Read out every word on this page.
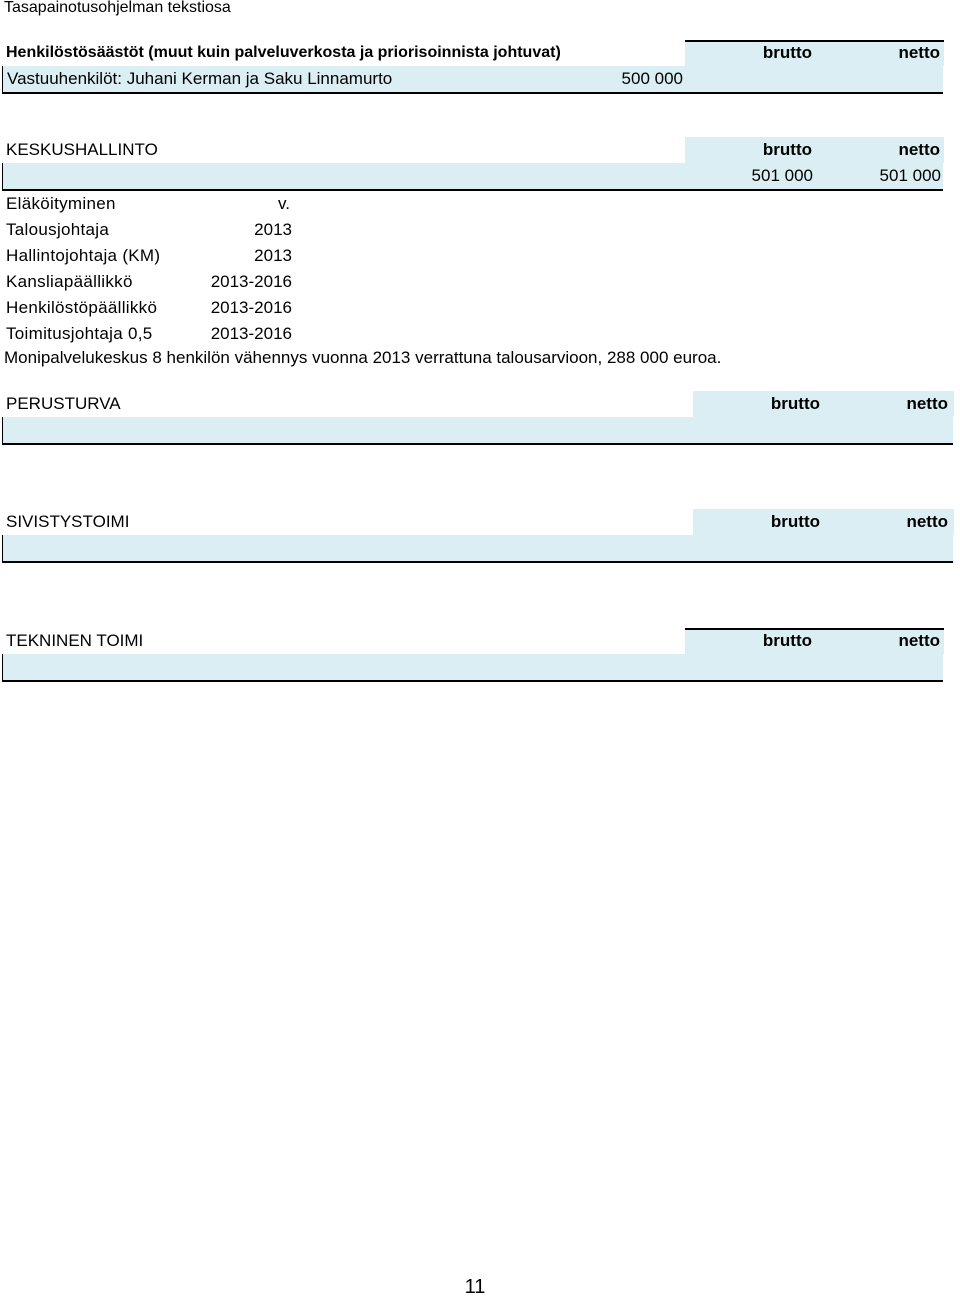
Tasapainotusohjelman tekstiosa
Henkilöstösäästöt (muut kuin palveluverkosta ja priorisoinnista johtuvat)	brutto	netto
Vastuuhenkilöt: Juhani Kerman ja Saku Linnamurto	500 000
KESKUSHALLINTO	brutto	netto
501 000	501 000
Eläköityminen	v.
Talousjohtaja	2013
Hallintojohtaja (KM)	2013
Kansliapäällikkö	2013-2016
Henkilöstöpäällikkö	2013-2016
Toimitusjohtaja 0,5	2013-2016
Monipalvelukeskus 8 henkilön vähennys vuonna 2013 verrattuna talousarvioon, 288 000 euroa.
PERUSTURVA	brutto	netto
SIVISTYSTOIMI	brutto	netto
TEKNINEN TOIMI	brutto	netto
11
